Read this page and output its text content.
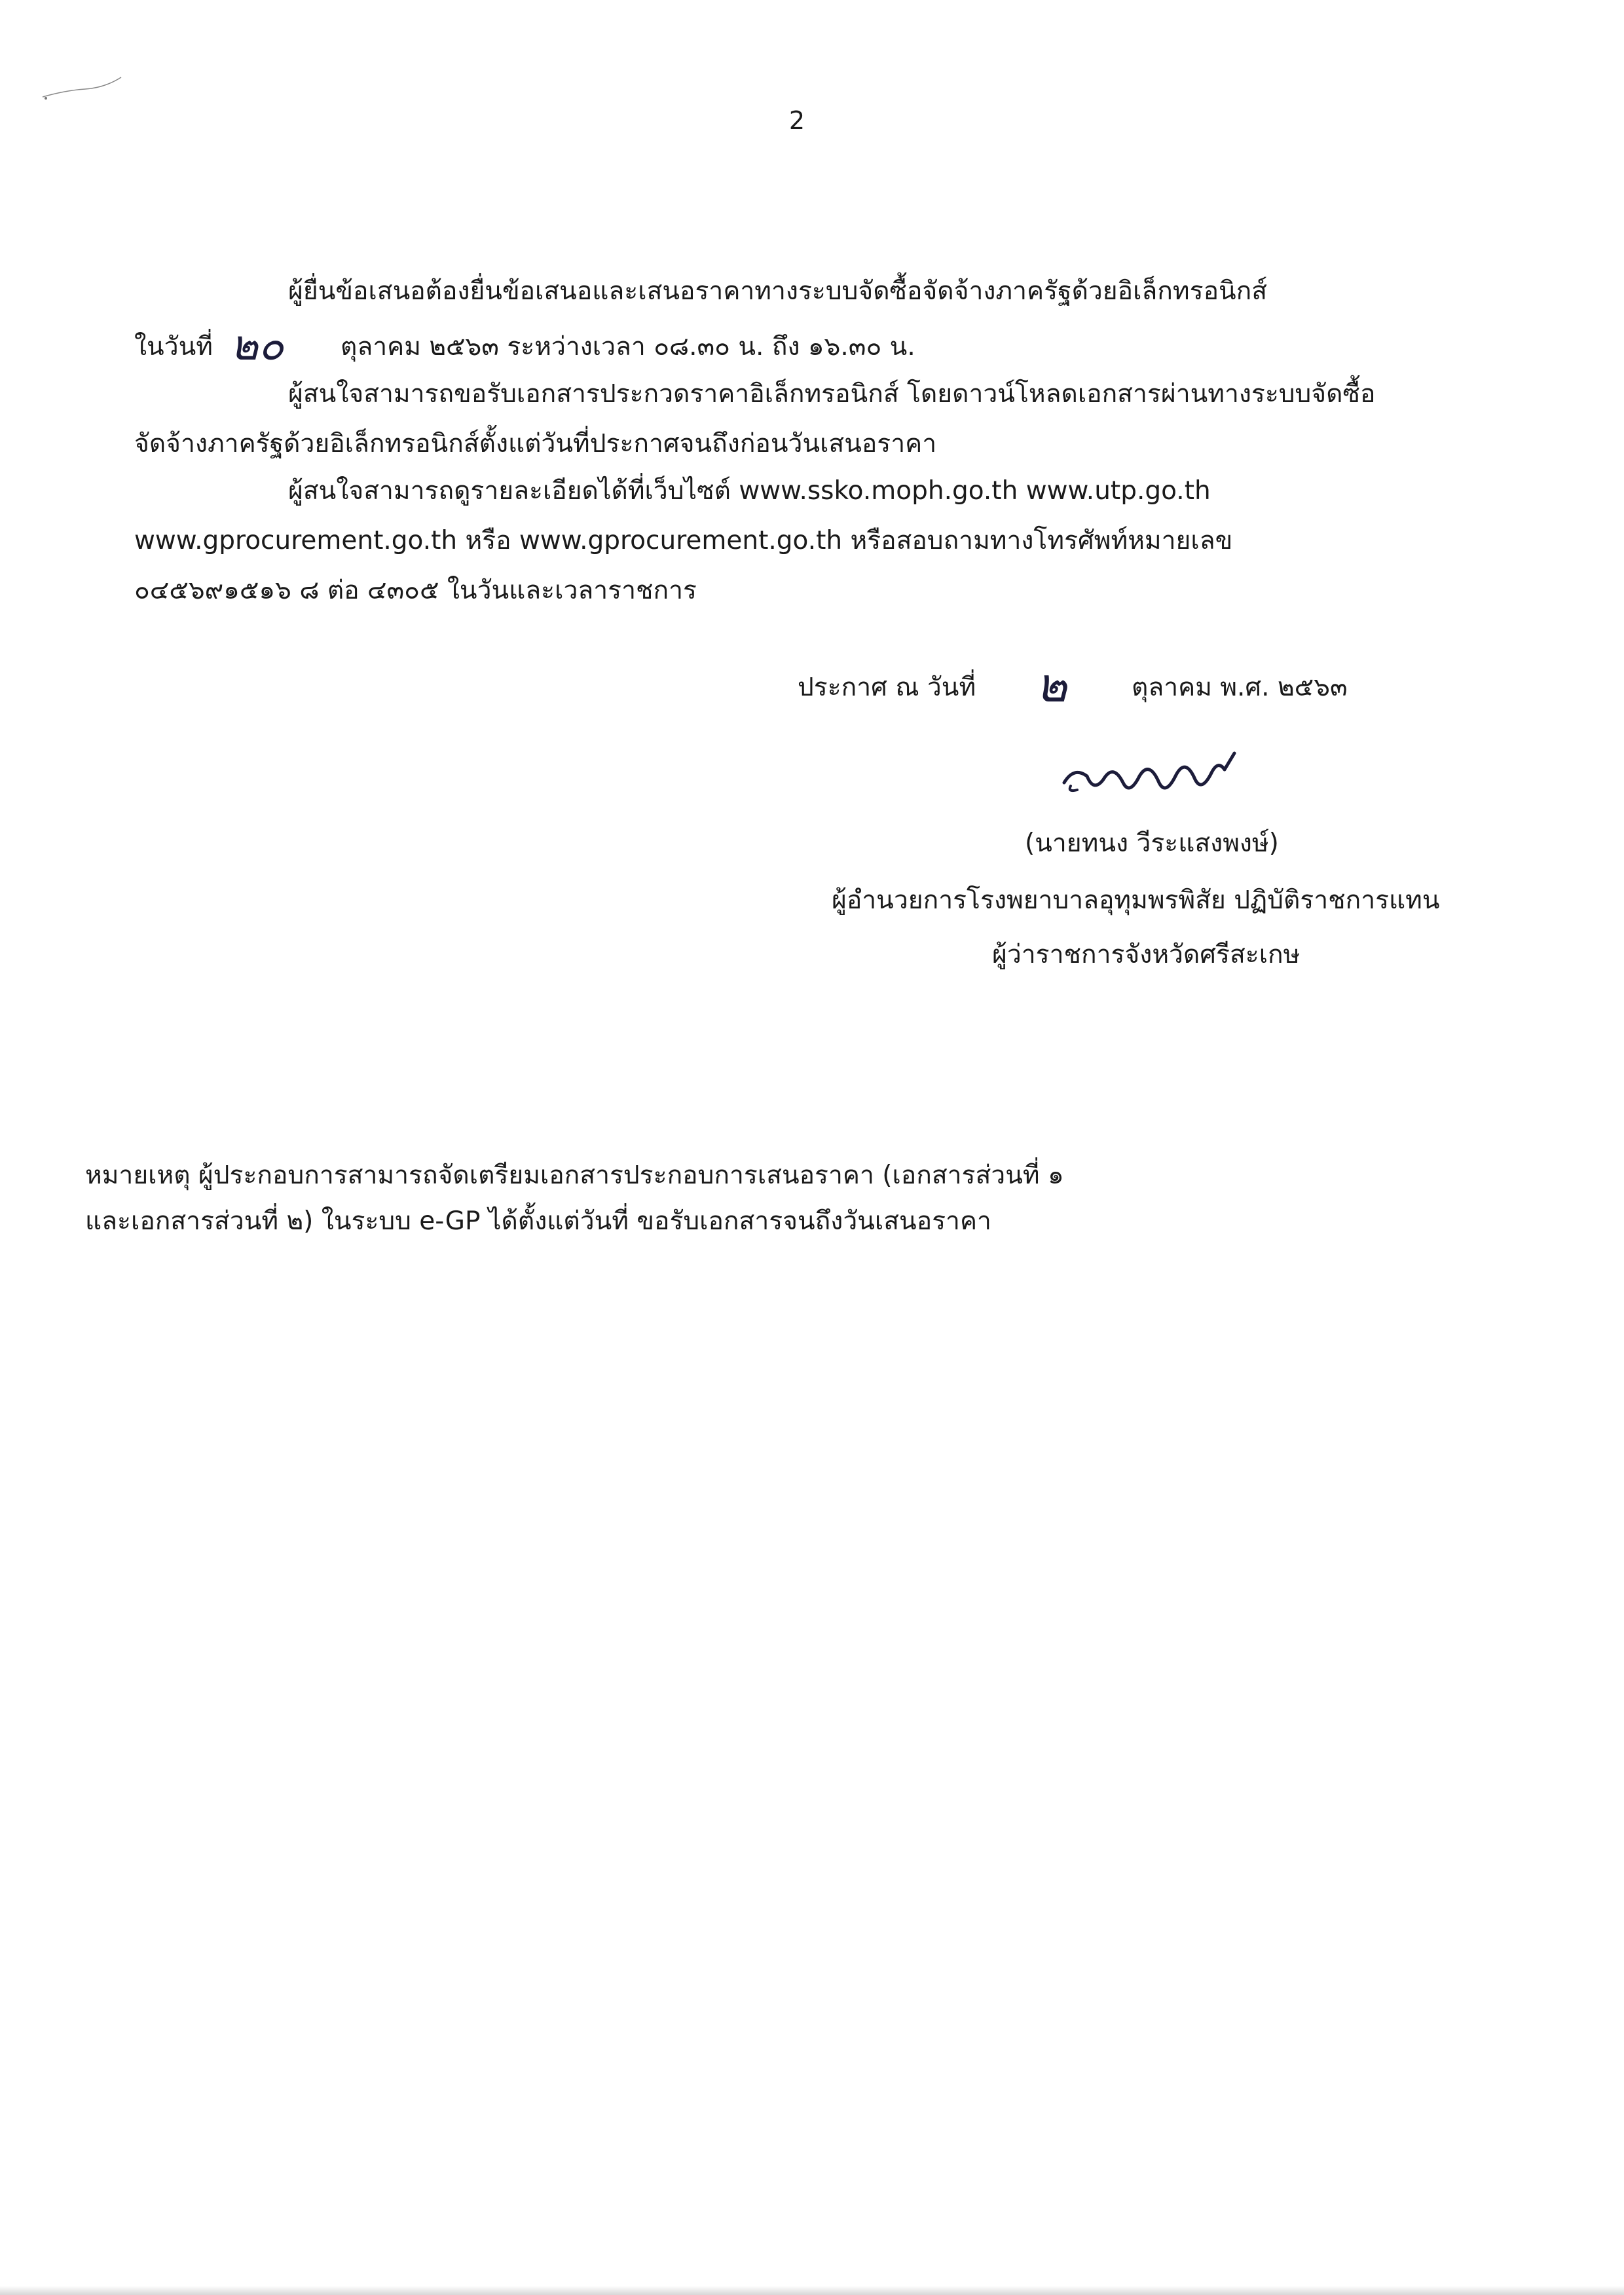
2
ผู้ยื่นข้อเสนอต้องยื่นข้อเสนอและเสนอราคาทางระบบจัดซื้อจัดจ้างภาครัฐด้วยอิเล็กทรอนิกส์
ในวันที่ ๒๐ ตุลาคม ๒๕๖๓ ระหว่างเวลา ๐๘.๓๐ น. ถึง ๑๖.๓๐ น.
ผู้สนใจสามารถขอรับเอกสารประกวดราคาอิเล็กทรอนิกส์ โดยดาวน์โหลดเอกสารผ่านทางระบบจัดซื้อ
จัดจ้างภาครัฐด้วยอิเล็กทรอนิกส์ตั้งแต่วันที่ประกาศจนถึงก่อนวันเสนอราคา
ผู้สนใจสามารถดูรายละเอียดได้ที่เว็บไซต์ www.ssko.moph.go.th www.utp.go.th
www.gprocurement.go.th หรือ www.gprocurement.go.th หรือสอบถามทางโทรศัพท์หมายเลข
๐๔๕๖๙๑๕๑๖ ๘ ต่อ ๔๓๐๕ ในวันและเวลาราชการ
ประกาศ ณ วันที่ ๒	ตุลาคม พ.ศ. ๒๕๖๓
(นายทนง วีระแสงพงษ์)
ผู้อำนวยการโรงพยาบาลอุทุมพรพิสัย ปฏิบัติราชการแทน
ผู้ว่าราชการจังหวัดศรีสะเกษ
หมายเหตุ ผู้ประกอบการสามารถจัดเตรียมเอกสารประกอบการเสนอราคา (เอกสารส่วนที่ ๑
และเอกสารส่วนที่ ๒) ในระบบ e-GP ได้ตั้งแต่วันที่ ขอรับเอกสารจนถึงวันเสนอราคา
